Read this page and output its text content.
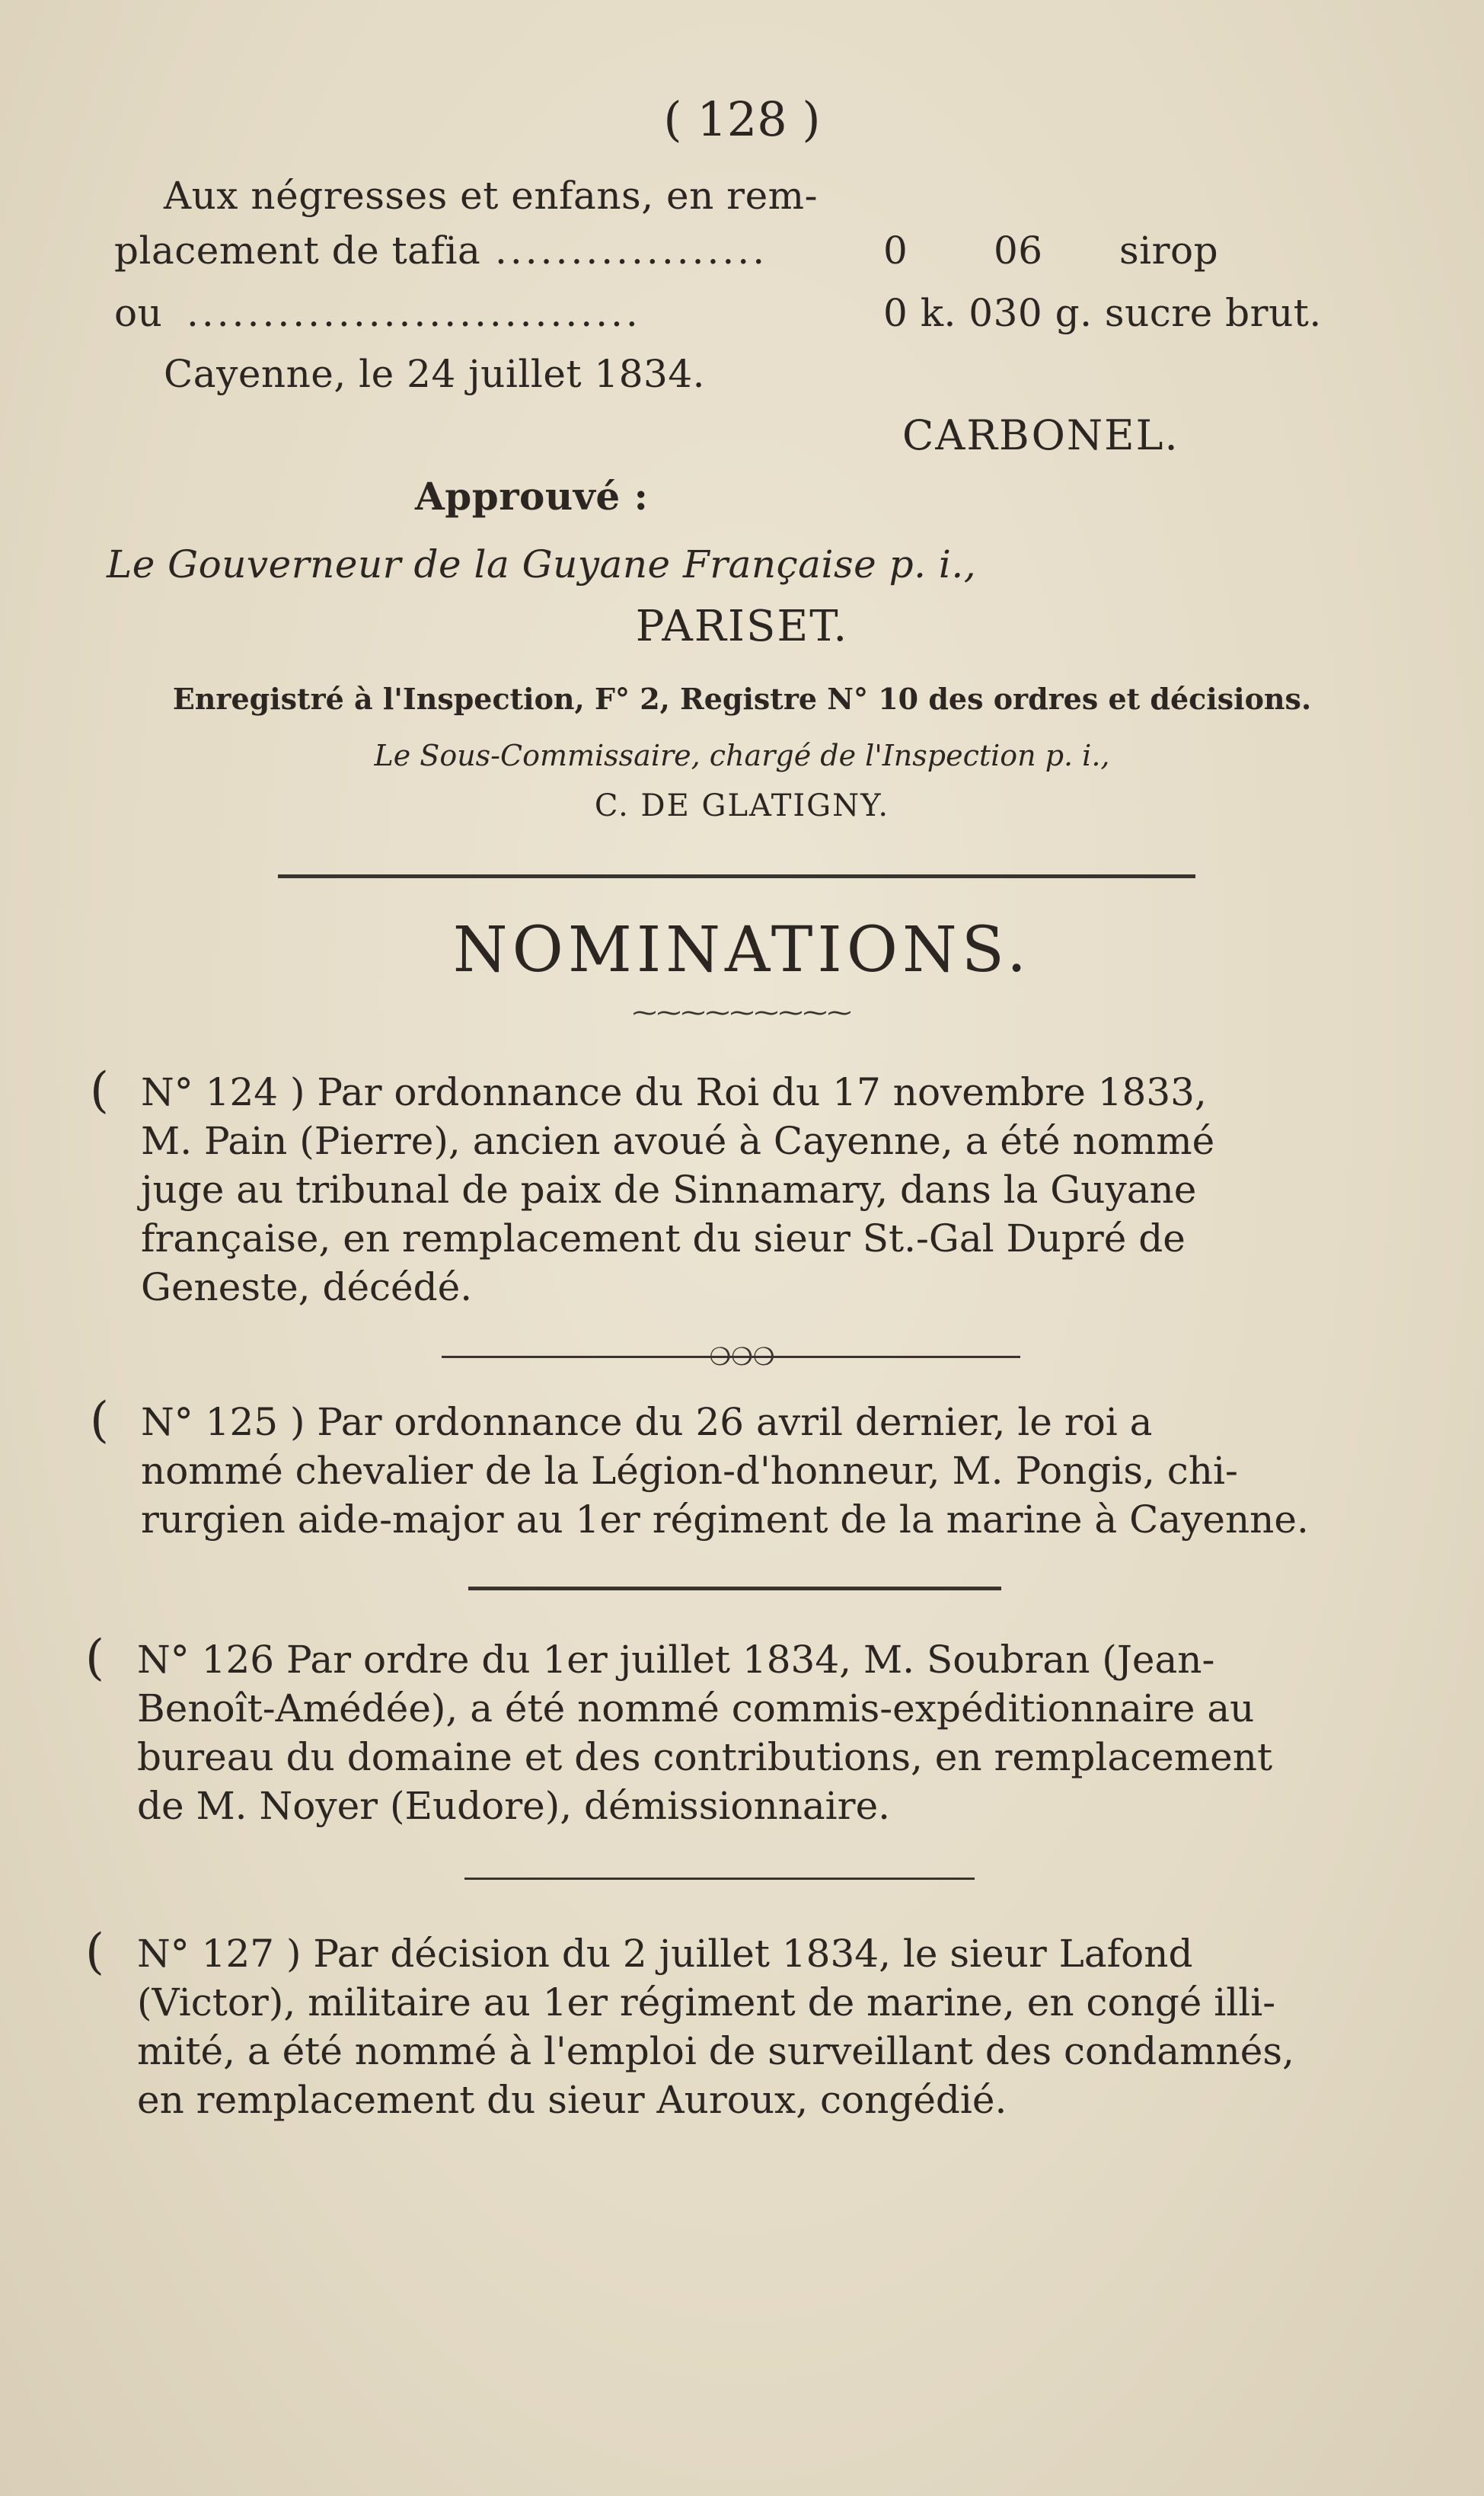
( 128 )
Aux négresses et enfans, en rem-
placement de tafia ..................	0 06 sirop
ou ..............................	0 k. 030 g. sucre brut.
Cayenne, le 24 juillet 1834.
CARBONEL.
Approuvé :
Le Gouverneur de la Guyane Française p. i.,
PARISET.
Enregistré à l'Inspection, F° 2, Registre N° 10 des ordres et décisions.
Le Sous-Commissaire, chargé de l'Inspection p. i.,
C. DE GLATIGNY.
NOMINATIONS.
⁓⁓⁓⁓⁓⁓⁓⁓⁓
( N° 124 ) Par ordonnance du Roi du 17 novembre 1833,
M. Pain (Pierre), ancien avoué à Cayenne, a été nommé
juge au tribunal de paix de Sinnamary, dans la Guyane
française, en remplacement du sieur St.-Gal Dupré de
Geneste, décédé.
❍❍❍
( N° 125 ) Par ordonnance du 26 avril dernier, le roi a
nommé chevalier de la Légion-d'honneur, M. Pongis, chi-
rurgien aide-major au 1er régiment de la marine à Cayenne.
( N° 126 Par ordre du 1er juillet 1834, M. Soubran (Jean-
Benoît-Amédée), a été nommé commis-expéditionnaire au
bureau du domaine et des contributions, en remplacement
de M. Noyer (Eudore), démissionnaire.
( N° 127 ) Par décision du 2 juillet 1834, le sieur Lafond
(Victor), militaire au 1er régiment de marine, en congé illi-
mité, a été nommé à l'emploi de surveillant des condamnés,
en remplacement du sieur Auroux, congédié.
